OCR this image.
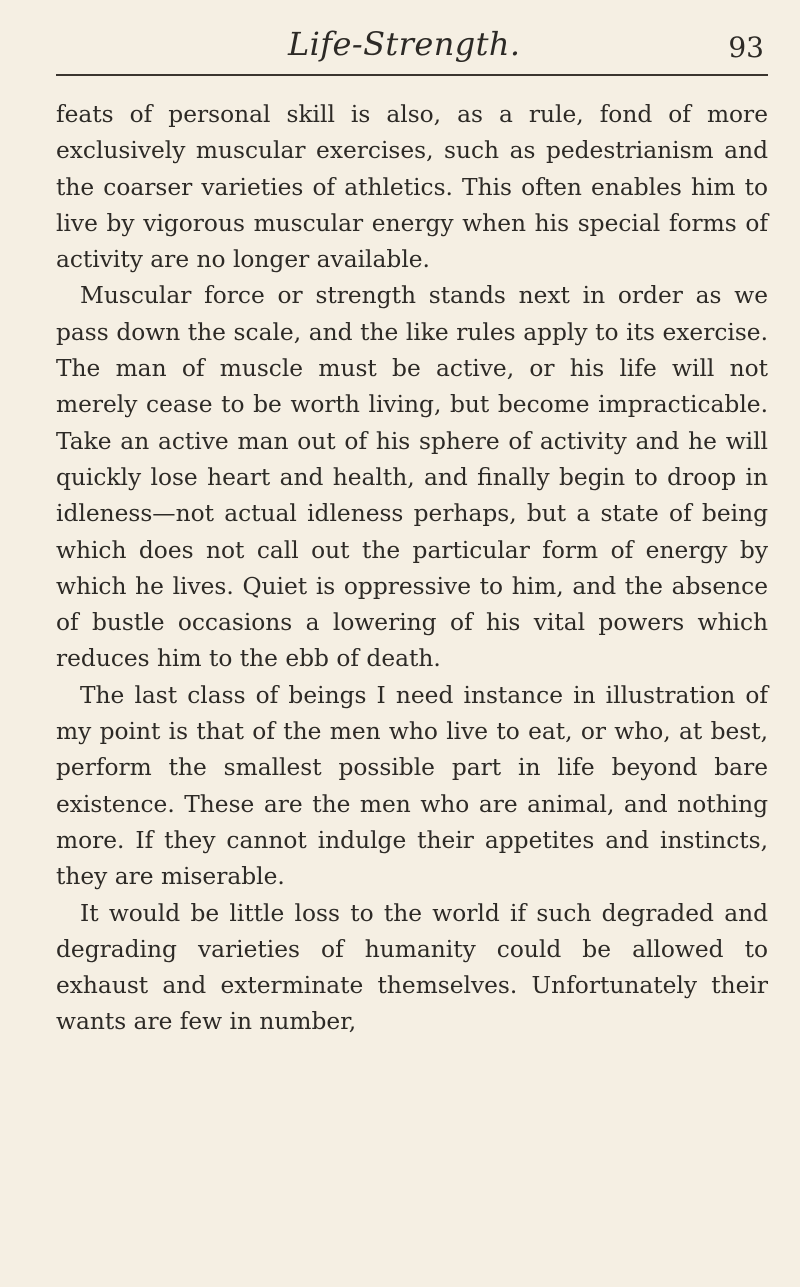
Life-Strength.	93

feats of personal skill is also, as a rule, fond of more exclusively muscular exercises, such as pedestrianism and the coarser varieties of athletics. This often enables him to live by vigorous muscular energy when his special forms of activity are no longer available.

Muscular force or strength stands next in order as we pass down the scale, and the like rules apply to its exercise. The man of muscle must be active, or his life will not merely cease to be worth living, but become impracticable. Take an active man out of his sphere of activity and he will quickly lose heart and health, and finally begin to droop in idleness—not actual idleness perhaps, but a state of being which does not call out the particular form of energy by which he lives. Quiet is oppressive to him, and the absence of bustle occasions a lowering of his vital powers which reduces him to the ebb of death.

The last class of beings I need instance in illustration of my point is that of the men who live to eat, or who, at best, perform the smallest possible part in life beyond bare existence. These are the men who are animal, and nothing more. If they cannot indulge their appetites and instincts, they are miserable.

It would be little loss to the world if such degraded and degrading varieties of humanity could be allowed to exhaust and exterminate themselves. Unfortunately their wants are few in number,
